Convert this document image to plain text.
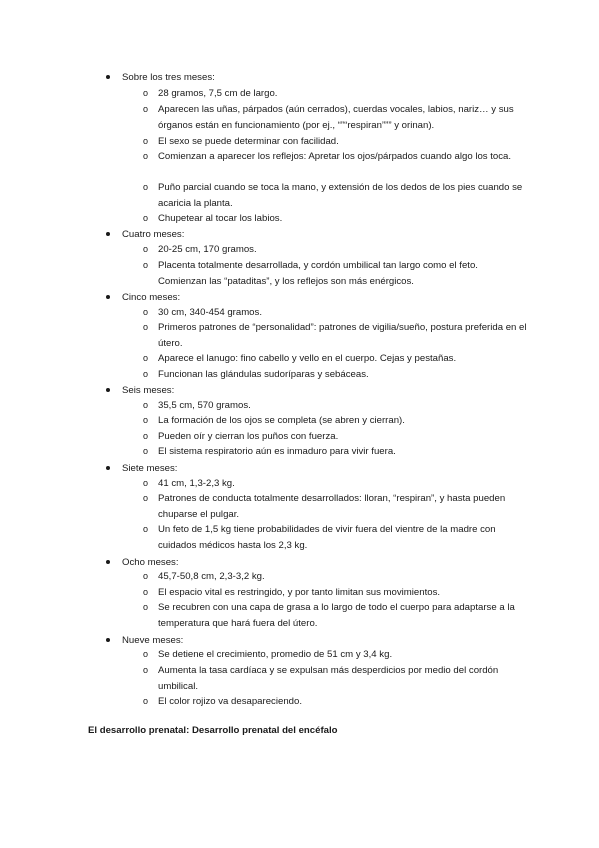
Sobre los tres meses:
o 28 gramos, 7,5 cm de largo.
o Aparecen las uñas, párpados (aún cerrados), cuerdas vocales, labios, nariz… y sus órganos están en funcionamiento (por ej., “”“respiran””” y orinan).
o El sexo se puede determinar con facilidad.
o Comienzan a aparecer los reflejos: Apretar los ojos/párpados cuando algo los toca.
o Puño parcial cuando se toca la mano, y extensión de los dedos de los pies cuando se acaricia la planta.
o Chupetear al tocar los labios.
Cuatro meses:
o 20-25 cm, 170 gramos.
o Placenta totalmente desarrollada, y cordón umbilical tan largo como el feto. Comienzan las “pataditas”, y los reflejos son más enérgicos.
Cinco meses:
o 30 cm, 340-454 gramos.
o Primeros patrones de “personalidad”: patrones de vigilia/sueño, postura preferida en el útero.
o Aparece el lanugo: fino cabello y vello en el cuerpo. Cejas y pestañas.
o Funcionan las glándulas sudoríparas y sebáceas.
Seis meses:
o 35,5 cm, 570 gramos.
o La formación de los ojos se completa (se abren y cierran).
o Pueden oír y cierran los puños con fuerza.
o El sistema respiratorio aún es inmaduro para vivir fuera.
Siete meses:
o 41 cm, 1,3-2,3 kg.
o Patrones de conducta totalmente desarrollados: lloran, “respiran”, y hasta pueden chuparse el pulgar.
o Un feto de 1,5 kg tiene probabilidades de vivir fuera del vientre de la madre con cuidados médicos hasta los 2,3 kg.
Ocho meses:
o 45,7-50,8 cm, 2,3-3,2 kg.
o El espacio vital es restringido, y por tanto limitan sus movimientos.
o Se recubren con una capa de grasa a lo largo de todo el cuerpo para adaptarse a la temperatura que hará fuera del útero.
Nueve meses:
o Se detiene el crecimiento, promedio de 51 cm y 3,4 kg.
o Aumenta la tasa cardíaca y se expulsan más desperdicios por medio del cordón umbilical.
o El color rojizo va desapareciendo.
El desarrollo prenatal: Desarrollo prenatal del encéfalo
